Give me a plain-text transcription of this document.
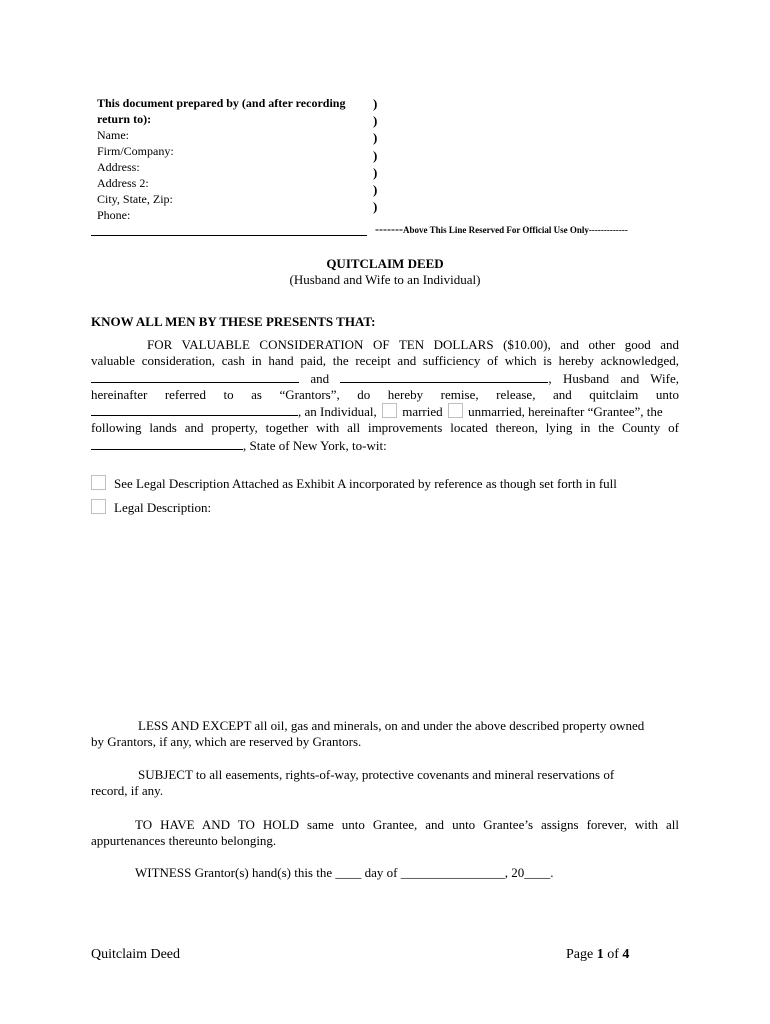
This document prepared by (and after recording
return to):
Name:
Firm/Company:
Address:
Address 2:
City, State, Zip:
Phone:
)
)
)
)
)
)
)
-------Above This Line Reserved For Official Use Only-------------
QUITCLAIM DEED
(Husband and Wife to an Individual)
KNOW ALL MEN BY THESE PRESENTS THAT:
FOR VALUABLE CONSIDERATION OF TEN DOLLARS ($10.00), and other good and
valuable consideration, cash in hand paid, the receipt and sufficiency of which is hereby acknowledged,
and	, Husband and Wife,
hereinafter referred to as “Grantors”, do hereby remise, release, and quitclaim unto
, an Individual, married unmarried, hereinafter “Grantee”, the
following lands and property, together with all improvements located thereon, lying in the County of
, State of New York, to-wit:
See Legal Description Attached as Exhibit A incorporated by reference as though set forth in full
Legal Description:
LESS AND EXCEPT all oil, gas and minerals, on and under the above described property owned
by Grantors, if any, which are reserved by Grantors.
SUBJECT to all easements, rights-of-way, protective covenants and mineral reservations of
record, if any.
TO HAVE AND TO HOLD same unto Grantee, and unto Grantee’s assigns forever, with all
appurtenances thereunto belonging.
WITNESS Grantor(s) hand(s) this the ____ day of ________________, 20____.
Quitclaim Deed	Page 1 of 4
